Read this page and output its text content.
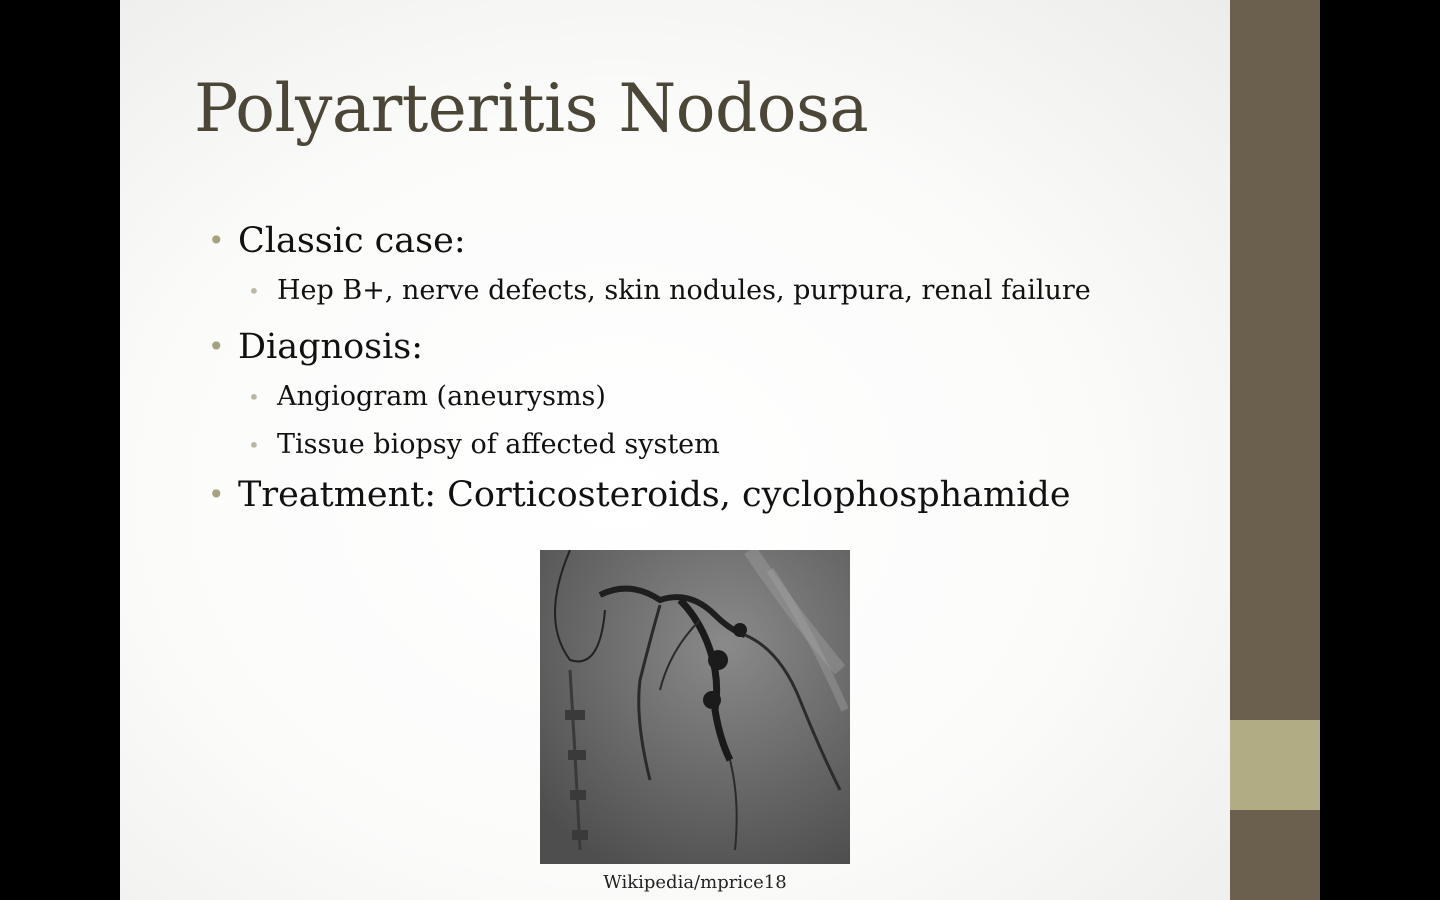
Polyarteritis Nodosa
• Classic case:
• Hep B+, nerve defects, skin nodules, purpura, renal failure
• Diagnosis:
• Angiogram (aneurysms)
• Tissue biopsy of affected system
• Treatment: Corticosteroids, cyclophosphamide
Wikipedia/mprice18
